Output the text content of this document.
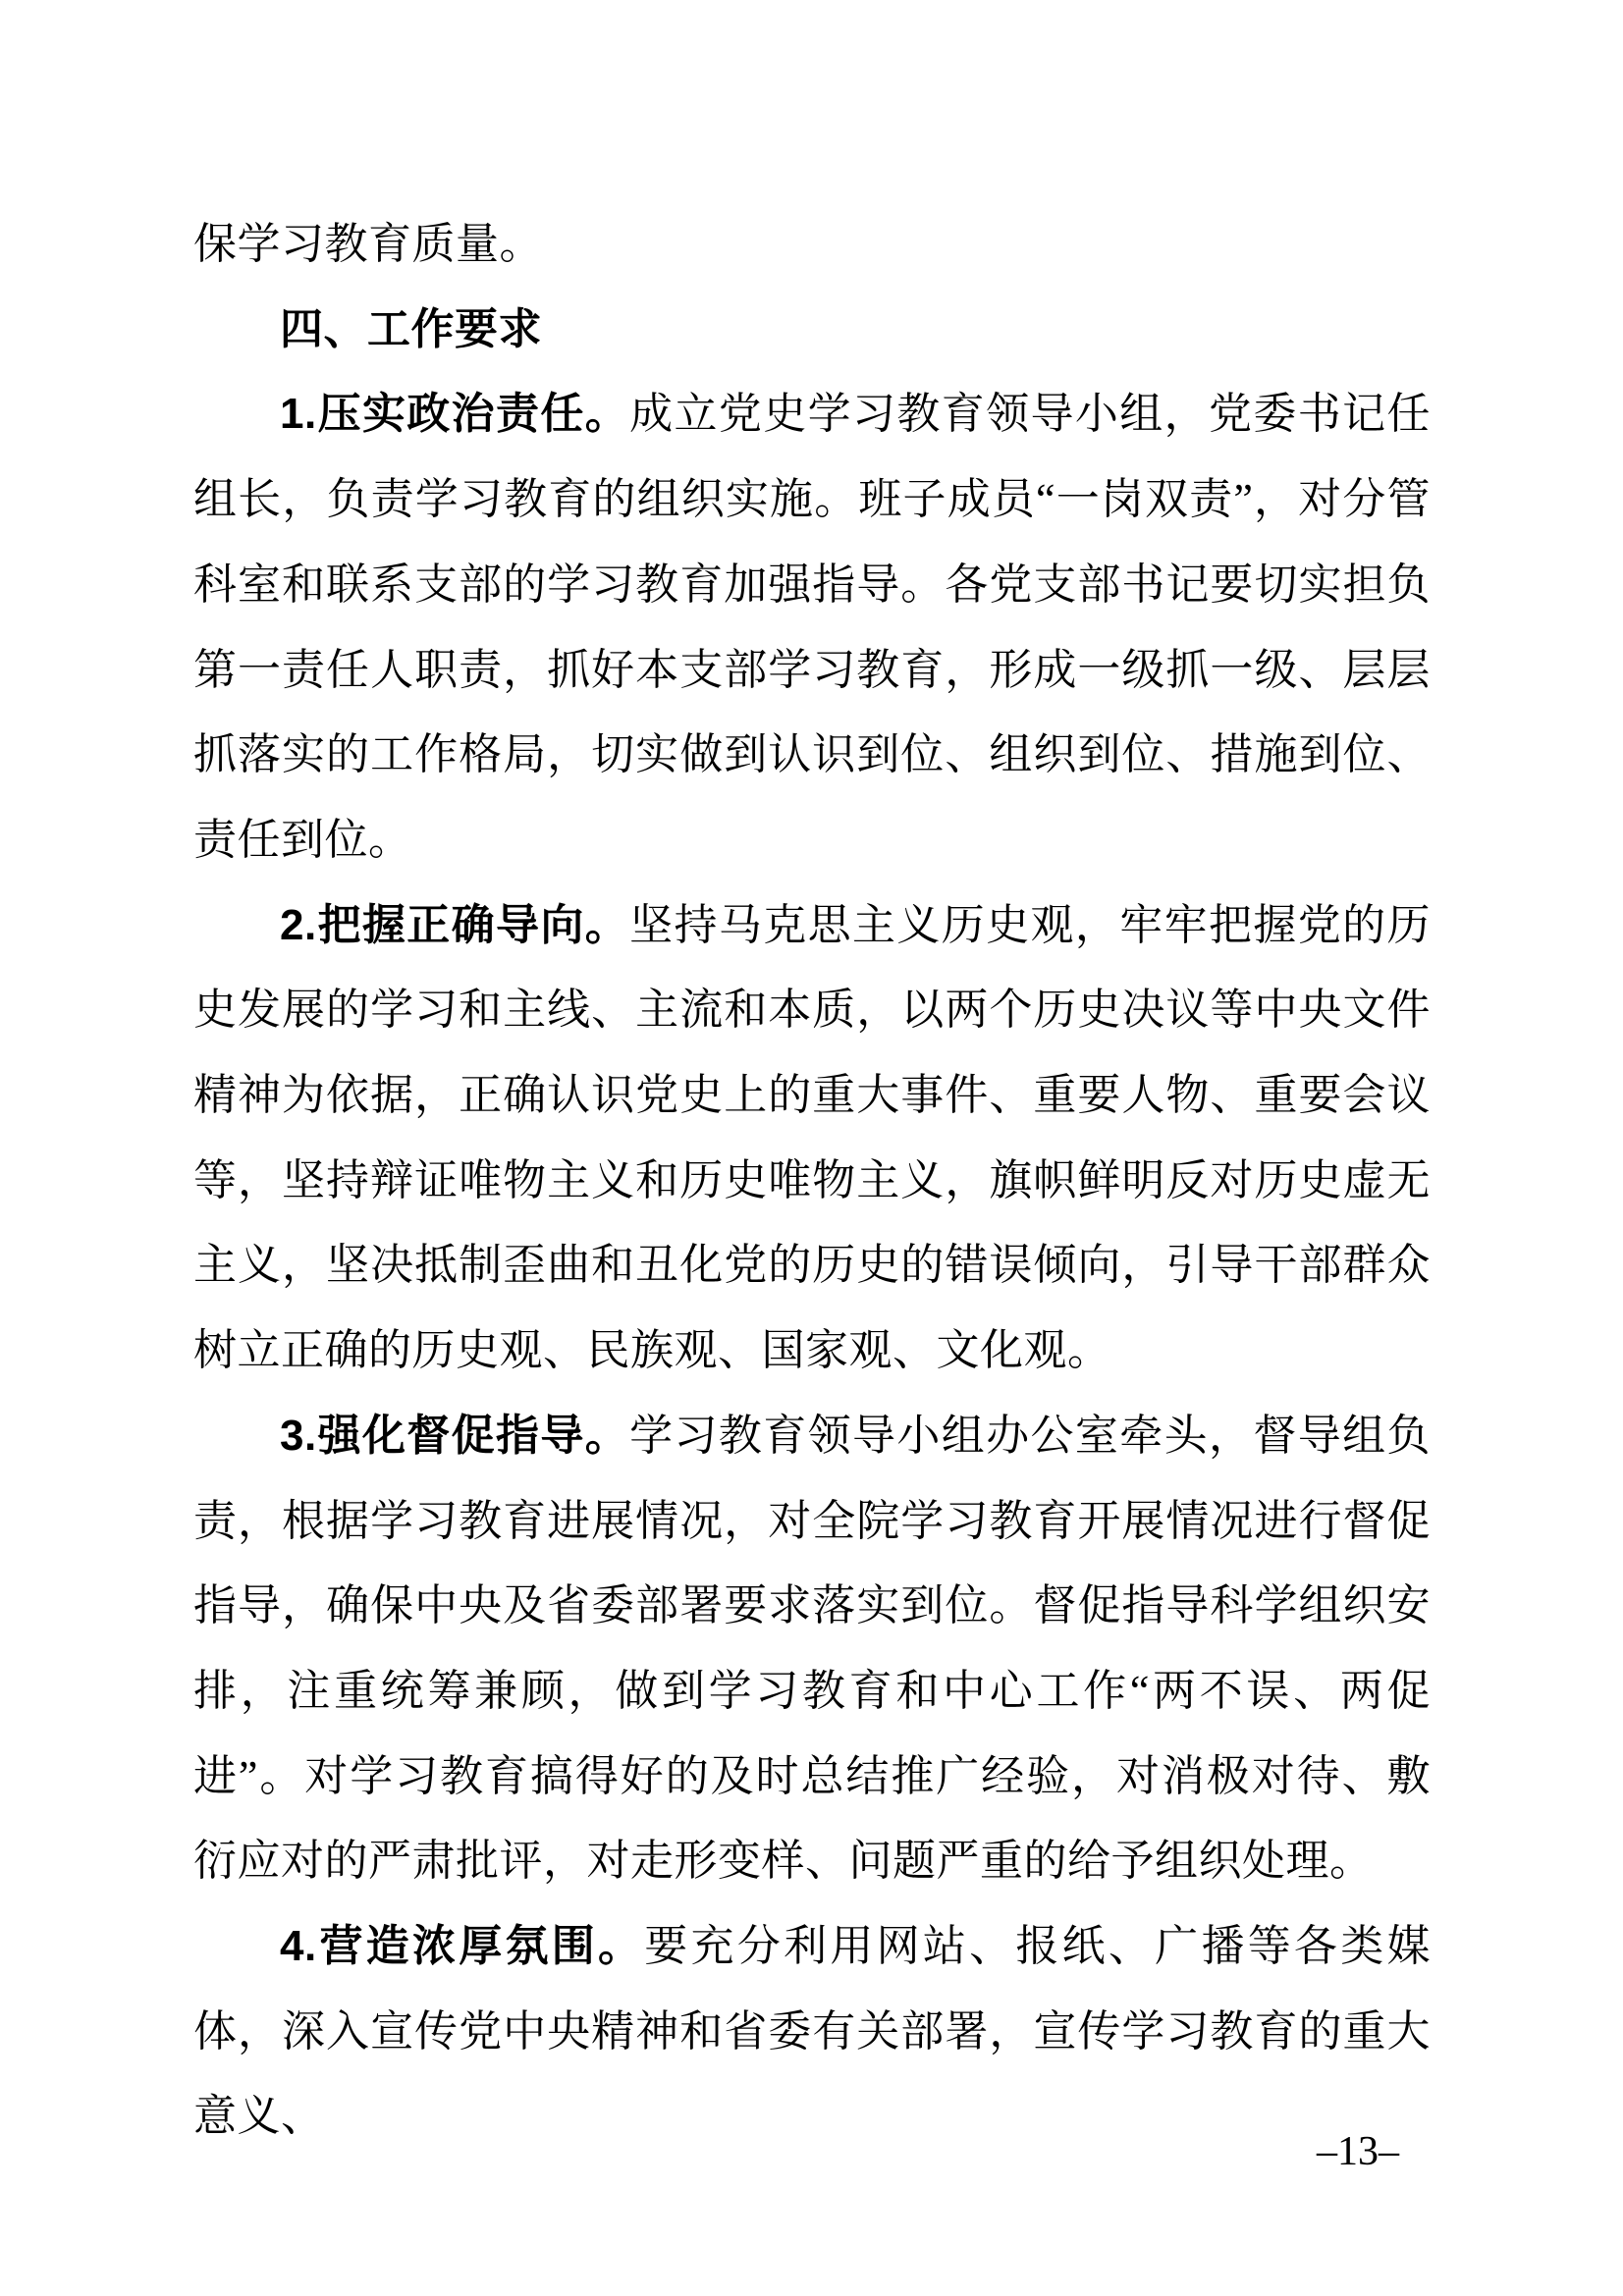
保学习教育质量。

四、工作要求

1.压实政治责任。成立党史学习教育领导小组，党委书记任组长，负责学习教育的组织实施。班子成员“一岗双责”，对分管科室和联系支部的学习教育加强指导。各党支部书记要切实担负第一责任人职责，抓好本支部学习教育，形成一级抓一级、层层抓落实的工作格局，切实做到认识到位、组织到位、措施到位、责任到位。

2.把握正确导向。坚持马克思主义历史观，牢牢把握党的历史发展的学习和主线、主流和本质，以两个历史决议等中央文件精神为依据，正确认识党史上的重大事件、重要人物、重要会议等，坚持辩证唯物主义和历史唯物主义，旗帜鲜明反对历史虚无主义，坚决抵制歪曲和丑化党的历史的错误倾向，引导干部群众树立正确的历史观、民族观、国家观、文化观。

3.强化督促指导。学习教育领导小组办公室牵头，督导组负责，根据学习教育进展情况，对全院学习教育开展情况进行督促指导，确保中央及省委部署要求落实到位。督促指导科学组织安排，注重统筹兼顾，做到学习教育和中心工作“两不误、两促进”。对学习教育搞得好的及时总结推广经验，对消极对待、敷衍应对的严肃批评，对走形变样、问题严重的给予组织处理。

4.营造浓厚氛围。要充分利用网站、报纸、广播等各类媒体，深入宣传党中央精神和省委有关部署，宣传学习教育的重大意义、

–13–
